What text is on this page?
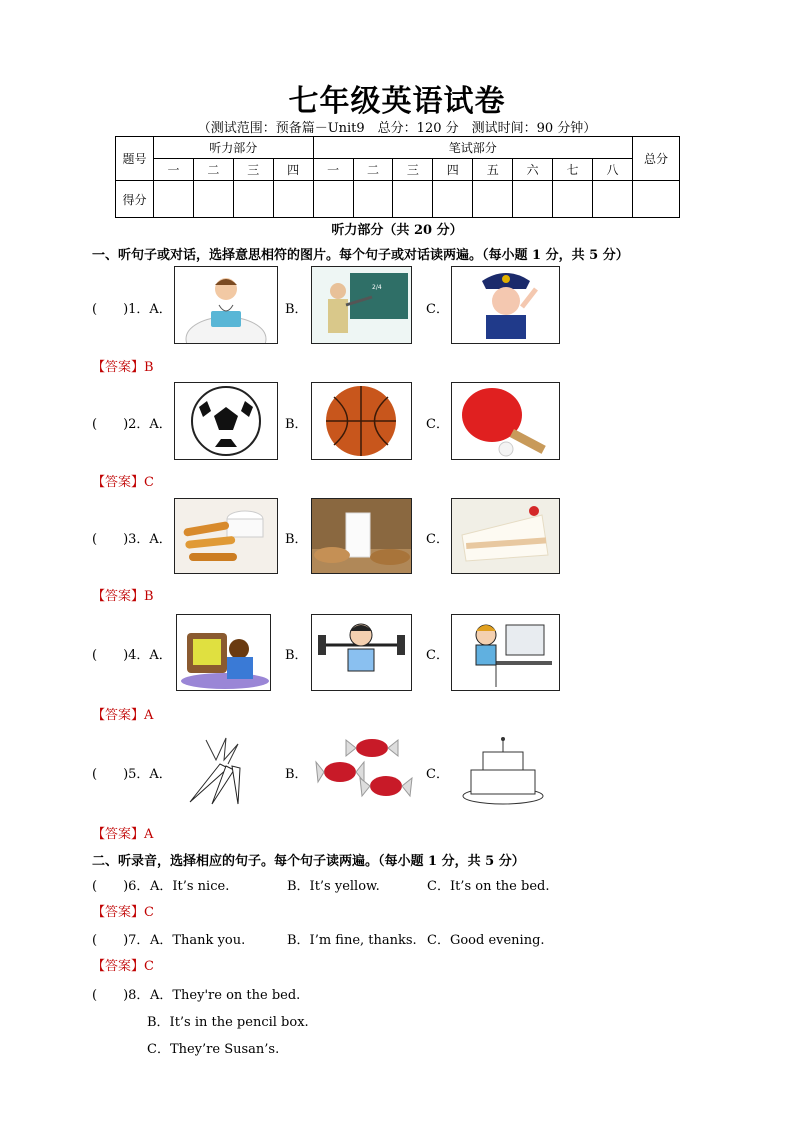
七年级英语试卷
（测试范围：预备篇－Unit9　总分：120 分　测试时间：90 分钟）
题号	听力部分				笔试部分								总分
	一	二	三	四	一	二	三	四	五	六	七	八	
得分													
听力部分（共 20 分）
一、听句子或对话，选择意思相符的图片。每个句子或对话读两遍。（每小题 1 分，共 5 分）
(　　)1．A．	B．
2/4
C．
【答案】B
(　　)2．A．	B．	C．
【答案】C
(　　)3．A．	B．	C．
【答案】B
(　　)4．A．	B．	C．
【答案】A
(　　)5．A．	B．	C．
【答案】A
二、听录音，选择相应的句子。每个句子读两遍。（每小题 1 分，共 5 分）
(　　)6． A．It’s nice.	B．It’s yellow.	C．It’s on the bed.
【答案】C
(　　)7． A．Thank you.	B．I’m fine, thanks. C．Good evening.
【答案】C
(　　)8． A．They're on the bed.
B．It’s in the pencil box.
C．They’re Susan’s.
